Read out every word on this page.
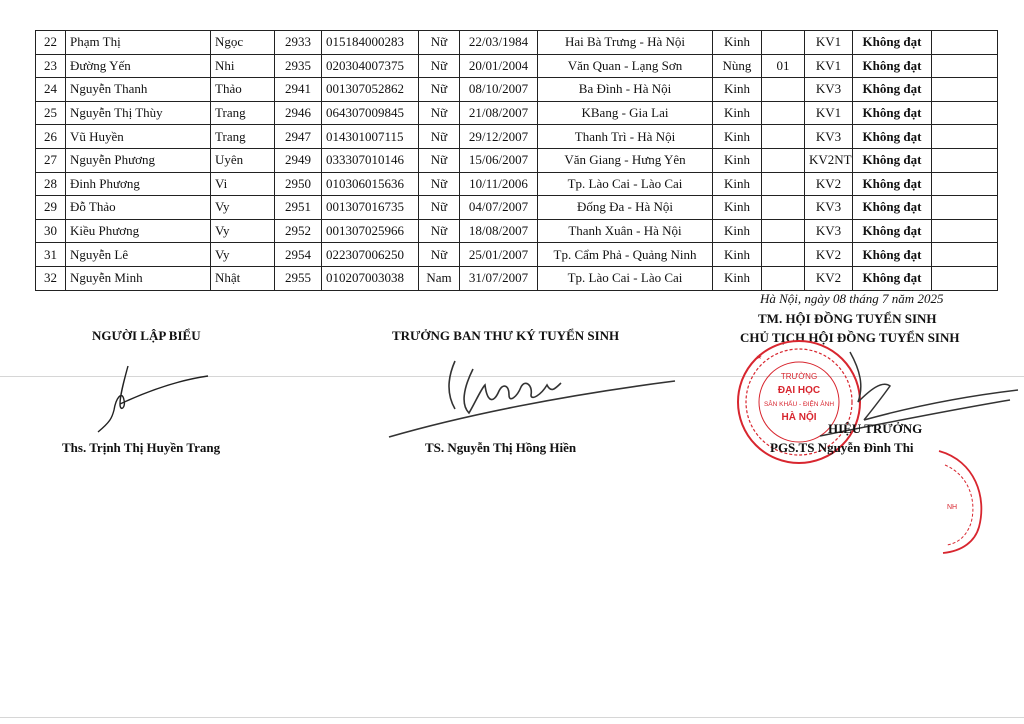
22	Phạm Thị	Ngọc	2933	015184000283	Nữ	22/03/1984	Hai Bà Trưng - Hà Nội	Kinh		KV1	Không đạt	
23	Đường Yến	Nhi	2935	020304007375	Nữ	20/01/2004	Văn Quan - Lạng Sơn	Nùng	01	KV1	Không đạt	
24	Nguyễn Thanh	Thảo	2941	001307052862	Nữ	08/10/2007	Ba Đình - Hà Nội	Kinh		KV3	Không đạt	
25	Nguyễn Thị Thùy	Trang	2946	064307009845	Nữ	21/08/2007	KBang - Gia Lai	Kinh		KV1	Không đạt	
26	Vũ Huyền	Trang	2947	014301007115	Nữ	29/12/2007	Thanh Trì - Hà Nội	Kinh		KV3	Không đạt	
27	Nguyễn Phương	Uyên	2949	033307010146	Nữ	15/06/2007	Văn Giang - Hưng Yên	Kinh		KV2NT	Không đạt	
28	Đinh Phương	Vi	2950	010306015636	Nữ	10/11/2006	Tp. Lào Cai - Lào Cai	Kinh		KV2	Không đạt	
29	Đỗ Thảo	Vy	2951	001307016735	Nữ	04/07/2007	Đống Đa - Hà Nội	Kinh		KV3	Không đạt	
30	Kiều Phương	Vy	2952	001307025966	Nữ	18/08/2007	Thanh Xuân - Hà Nội	Kinh		KV3	Không đạt	
31	Nguyễn Lê	Vy	2954	022307006250	Nữ	25/01/2007	Tp. Cẩm Phả - Quảng Ninh	Kinh		KV2	Không đạt	
32	Nguyễn Minh	Nhật	2955	010207003038	Nam	31/07/2007	Tp. Lào Cai - Lào Cai	Kinh		KV2	Không đạt	
Hà Nội, ngày 08 tháng 7 năm 2025
NGƯỜI LẬP BIỂU	TRƯỞNG BAN THƯ KÝ TUYỂN SINH
TM. HỘI ĐỒNG TUYỂN SINH
CHỦ TỊCH HỘI ĐỒNG TUYỂN SINH
TRƯỜNG
ĐẠI HỌC
SÂN KHẤU - ĐIỆN ẢNH
HÀ NỘI
★
HIỆU TRƯỞNG
Ths. Trịnh Thị Huyền Trang	TS. Nguyễn Thị Hồng Hiền	PGS.TS Nguyễn Đình Thi
NH
